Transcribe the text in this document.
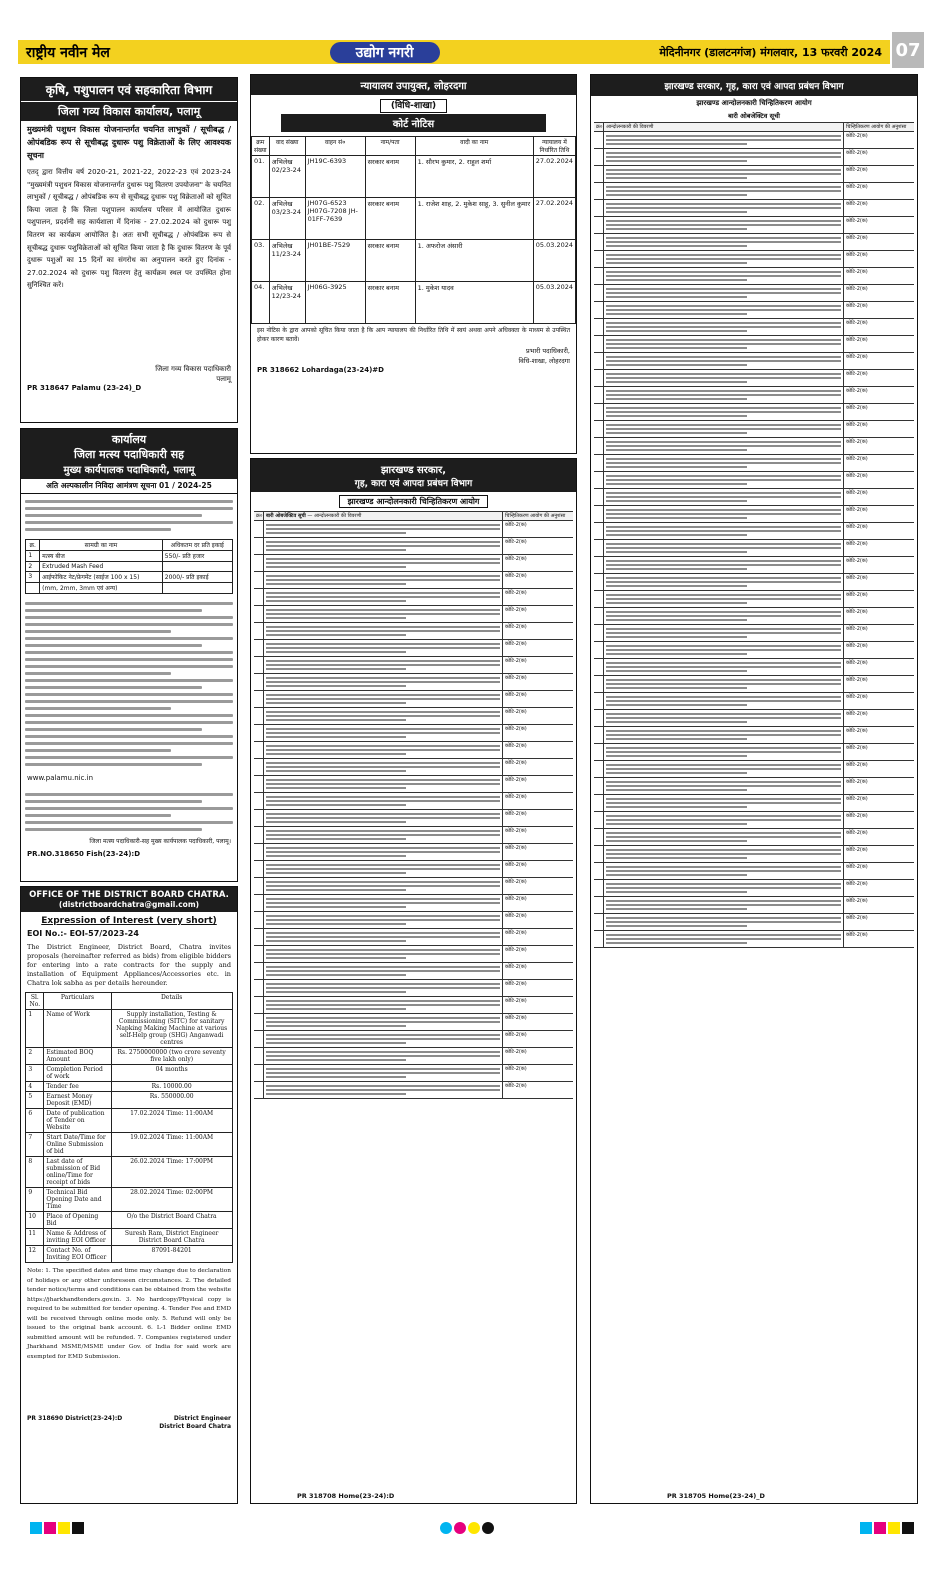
राष्ट्रीय नवीन मेल	उद्योग नगरी	मेदिनीनगर (डालटनगंज) मंगलवार, 13 फरवरी 2024 07
कृषि, पशुपालन एवं सहकारिता विभाग
जिला गव्य विकास कार्यालय, पलामू
मुख्यमंत्री पशुधन विकास योजनान्तर्गत चयनित लाभुकों / सूचीबद्ध / ओपंबडिक रूप से सूचीबद्ध दुधारू पशु विक्रेताओं के लिए आवश्यक सूचना
एतद् द्वारा वित्तीय वर्ष 2020-21, 2021-22, 2022-23 एवं 2023-24 "मुख्यमंत्री पशुधन विकास योजनान्तर्गत दुधारू पशु वितरण उपयोजना" के चयनित लाभुकों / सूचीबद्ध / ओपंबडिक रूप से सूचीबद्ध दुधारू पशु विक्रेताओं को सूचित किया जाता है कि जिला पशुपालन कार्यालय परिसर में आयोजित दुधारू पशुपालन, प्रदर्शनी सह कार्यशाला में दिनांक - 27.02.2024 को दुधारू पशु वितरण का कार्यक्रम आयोजित है। अतः सभी सूचीबद्ध / ओपंबडिक रूप से सूचीबद्ध दुधारू पशुविक्रेताओं को सूचित किया जाता है कि दुधारू वितरण के पूर्व दुधारू पशुओं का 15 दिनों का संगरोध का अनुपालन करते हुए दिनांक - 27.02.2024 को दुधारू पशु वितरण हेतु कार्यक्रम स्थल पर उपस्थित होना सुनिश्चित करें।
जिला गव्य विकास पदाधिकारी
पलामू
PR 318647 Palamu (23-24)_D
कार्यालय
जिला मत्स्य पदाधिकारी सह
मुख्य कार्यपालक पदाधिकारी, पलामू
अति अल्पकालीन निविदा आमंत्रण सूचना 01 / 2024-25
क्र.	सामग्री का नाम	अधिकतम दर प्रति इकाई
1	मत्स्य बीज	550/- प्रति हजार
2	Extruded Mash Feed	
3	आईफोकिट नेट/फ्रेगमेंट (साईज 100 x 15)	2000/- प्रति इकाई
	(mm, 2mm, 3mm एवं अन्य)	
www.palamu.nic.in
जिला मत्स्य पदाधिकारी-सह मुख्य कार्यपालक पदाधिकारी, पलामू।
PR.NO.318650 Fish(23-24):D
OFFICE OF THE DISTRICT BOARD CHATRA.
(districtboardchatra@gmail.com)
Expression of Interest (very short)
EOI No.:- EOI-57/2023-24
The District Engineer, District Board, Chatra invites proposals (hereinafter referred as bids) from eligible bidders for entering into a rate contracts for the supply and installation of Equipment Appliances/Accessories etc. in Chatra lok sabha as per details hereunder.
Sl. No.	Particulars	Details
1	Name of Work	Supply installation, Testing & Commissioning (SITC) for sanitary Napking Making Machine at various self-Help group (SHG) Anganwadi centres
2	Estimated BOQ Amount	Rs. 2750000000 (two crore seventy five lakh only)
3	Completion Period of work	04 months
4	Tender fee	Rs. 10000.00
5	Earnest Money Deposit (EMD)	Rs. 550000.00
6	Date of publication of Tender on Website	17.02.2024 Time: 11:00AM
7	Start Date/Time for Online Submission of bid	19.02.2024 Time: 11:00AM
8	Last date of submission of Bid online/Time for receipt of bids	26.02.2024 Time: 17:00PM
9	Technical Bid Opening Date and Time	28.02.2024 Time: 02:00PM
10	Place of Opening Bid	O/o the District Board Chatra
11	Name & Address of inviting EOI Officer	Suresh Ram, District Engineer District Board Chatra
12	Contact No. of Inviting EOI Officer	87091-84201
Note: 1. The specified dates and time may change due to declaration of holidays or any other unforeseen circumstances. 2. The detailed tender notice/terms and conditions can be obtained from the website https://jharkhandtenders.gov.in. 3. No hardcopy/Physical copy is required to be submitted for tender opening. 4. Tender Fee and EMD will be received through online mode only. 5. Refund will only be issued to the original bank account. 6. L-1 Bidder online EMD submitted amount will be refunded. 7. Companies registered under Jharkhand MSME/MSME under Gov. of India for said work are exempted for EMD Submission.
PR 318690 District(23-24):D	District Engineer
District Board Chatra
न्यायालय उपायुक्त, लोहरदगा
(विधि-शाखा)
कोर्ट नोटिस
क्रम संख्या	वाद संख्या	वाहन सं०	नाम/पता	वादी का नाम	न्यायालय में निर्धारित तिथि
01.	अभिलेख 02/23-24	JH19C-6393	सरकार बनाम	1. सौरभ कुमार, 2. राहुल शर्मा	27.02.2024
02.	अभिलेख 03/23-24	JH07G-6523 JH07G-7208 JH-01FF-7639	सरकार बनाम	1. राजेश शाह, 2. मुकेश साहू, 3. सुनील कुमार	27.02.2024
03.	अभिलेख 11/23-24	JH01BE-7529	सरकार बनाम	1. अफरोज अंसारी	05.03.2024
04.	अभिलेख 12/23-24	JH06G-3925	सरकार बनाम	1. मुकेश यादव	05.03.2024
इस नोटिस के द्वारा आपको सूचित किया जाता है कि आप न्यायालय की निर्धारित तिथि में स्वयं अथवा अपने अधिवक्ता के माध्यम से उपस्थित होकर कारण बतावें।
प्रभारी पदाधिकारी,
विधि-शाखा, लोहरदगा
PR 318662 Lohardaga(23-24)#D
झारखण्ड सरकार,
गृह, कारा एवं आपदा प्रबंधन विभाग
झारखण्ड आन्दोलनकारी चिन्हितिकरण आयोग
क्र० बारी ओबजेक्टिव सूची — आन्दोलनकारी की विवरणी	चिन्हितिकरण आयोग की अनुशंसा
कोटि-2(क)
कोटि-2(क)
कोटि-2(क)
कोटि-2(क)
कोटि-2(क)
कोटि-2(क)
कोटि-2(क)
कोटि-2(क)
कोटि-2(क)
कोटि-2(क)
कोटि-2(क)
कोटि-2(क)
कोटि-2(क)
कोटि-2(क)
कोटि-2(क)
कोटि-2(क)
कोटि-2(क)
कोटि-2(क)
कोटि-2(क)
कोटि-2(क)
कोटि-2(क)
कोटि-2(क)
कोटि-2(क)
कोटि-2(क)
कोटि-2(क)
कोटि-2(क)
कोटि-2(क)
कोटि-2(क)
कोटि-2(क)
कोटि-2(क)
कोटि-2(क)
कोटि-2(क)
कोटि-2(क)
कोटि-2(क)
PR 318708 Home(23-24):D
झारखण्ड सरकार, गृह, कारा एवं आपदा प्रबंधन विभाग
झारखण्ड आन्दोलनकारी चिन्हितिकरण आयोग
बारी ओबजेक्टिव सूची
क्र० आन्दोलनकारी की विवरणी	चिन्हितिकरण आयोग की अनुशंसा
कोटि-2(क)
कोटि-2(क)
कोटि-2(क)
कोटि-2(क)
कोटि-2(क)
कोटि-2(क)
कोटि-2(क)
कोटि-2(क)
कोटि-2(क)
कोटि-2(क)
कोटि-2(क)
कोटि-2(क)
कोटि-2(क)
कोटि-2(क)
कोटि-2(क)
कोटि-2(क)
कोटि-2(क)
कोटि-2(क)
कोटि-2(क)
कोटि-2(क)
कोटि-2(क)
कोटि-2(क)
कोटि-2(क)
कोटि-2(क)
कोटि-2(क)
कोटि-2(क)
कोटि-2(क)
कोटि-2(क)
कोटि-2(क)
कोटि-2(क)
कोटि-2(क)
कोटि-2(क)
कोटि-2(क)
कोटि-2(क)
कोटि-2(क)
कोटि-2(क)
कोटि-2(क)
कोटि-2(क)
कोटि-2(क)
कोटि-2(क)
कोटि-2(क)
कोटि-2(क)
कोटि-2(क)
कोटि-2(क)
कोटि-2(क)
कोटि-2(क)
कोटि-2(क)
कोटि-2(क)
PR 318705 Home(23-24)_D
